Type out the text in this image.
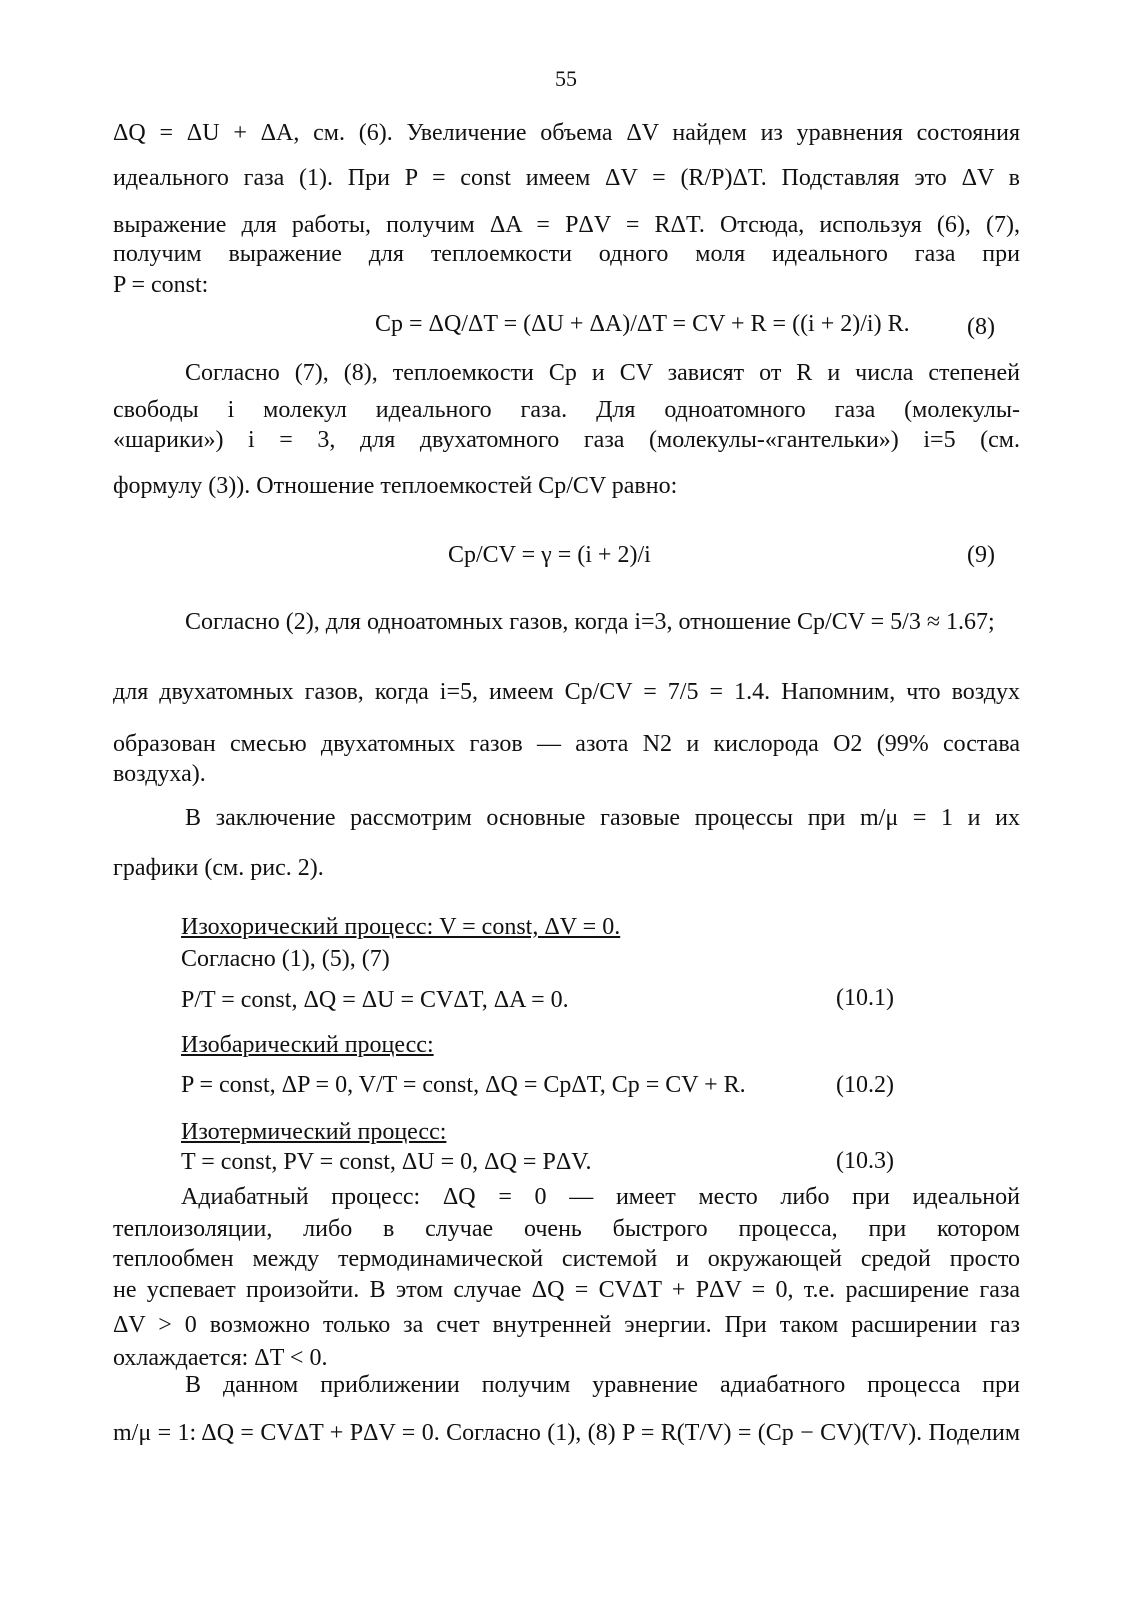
55
ΔQ = ΔU + ΔA, см. (6). Увеличение объема ΔV найдем из уравнения состояния
идеального газа (1). При P = const имеем ΔV = (R/P)ΔT. Подставляя это ΔV в
выражение для работы, получим ΔA = PΔV = RΔT. Отсюда, используя (6), (7),
получим выражение для теплоемкости одного моля идеального газа при
P = const:
Cp = ΔQ/ΔT = (ΔU + ΔA)/ΔT = CV + R = ((i + 2)/i) R. (8)
Согласно (7), (8), теплоемкости Cp и CV зависят от R и числа степеней
свободы i молекул идеального газа. Для одноатомного газа (молекулы-
«шарики») i = 3, для двухатомного газа (молекулы-«гантельки») i=5 (см.
формулу (3)). Отношение теплоемкостей Cp/CV равно:
Cp/CV = γ = (i + 2)/i	(9)
Согласно (2), для одноатомных газов, когда i=3, отношение Cp/CV = 5/3 ≈ 1.67;
для двухатомных газов, когда i=5, имеем Cp/CV = 7/5 = 1.4. Напомним, что воздух
образован смесью двухатомных газов — азота N2 и кислорода O2 (99% состава
воздуха).
В заключение рассмотрим основные газовые процессы при m/μ = 1 и их
графики (см. рис. 2).
Изохорический процесс: V = const, ΔV = 0.
Согласно (1), (5), (7)
P/T = const, ΔQ = ΔU = CVΔT, ΔA = 0.	(10.1)
Изобарический процесс:
P = const, ΔP = 0, V/T = const, ΔQ = CpΔT, Cp = CV + R.	(10.2)
Изотермический процесс:
T = const, PV = const, ΔU = 0, ΔQ = PΔV.	(10.3)
Адиабатный процесс: ΔQ = 0 — имеет место либо при идеальной
теплоизоляции, либо в случае очень быстрого процесса, при котором
теплообмен между термодинамической системой и окружающей средой просто
не успевает произойти. В этом случае ΔQ = CVΔT + PΔV = 0, т.е. расширение газа
ΔV > 0 возможно только за счет внутренней энергии. При таком расширении газ
охлаждается: ΔT < 0.
В данном приближении получим уравнение адиабатного процесса при
m/μ = 1: ΔQ = CVΔT + PΔV = 0. Согласно (1), (8) P = R(T/V) = (Cp − CV)(T/V). Поделим
